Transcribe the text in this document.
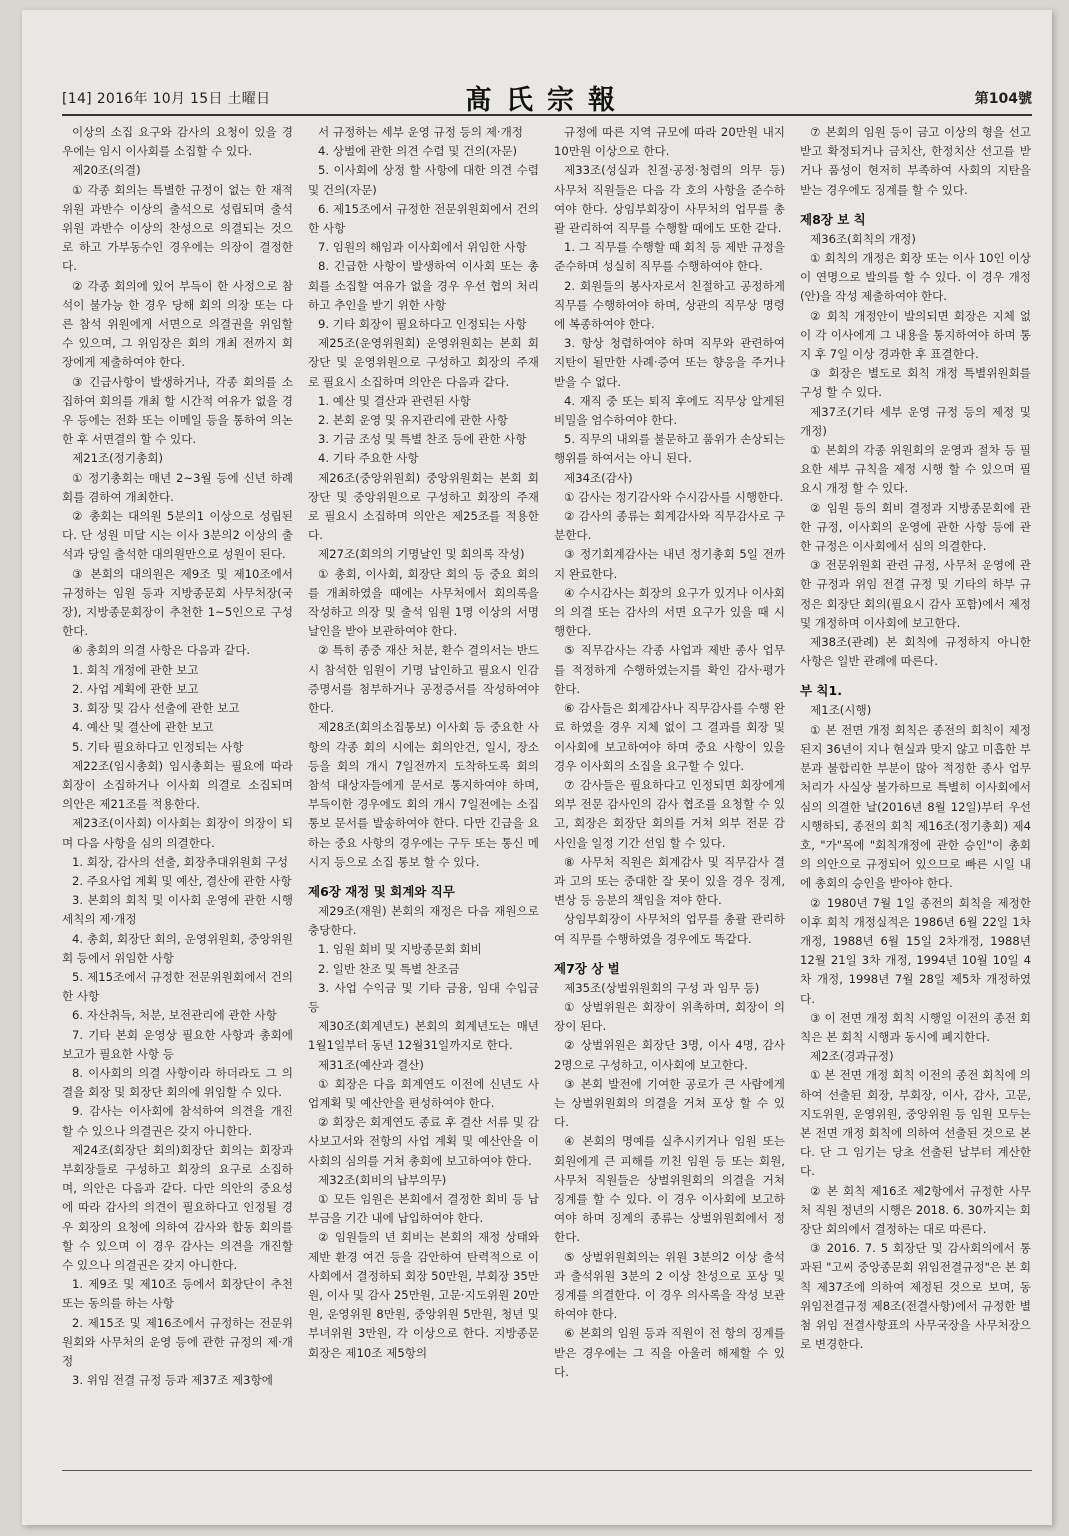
[14] 2016年 10月 15日 土曜日	髙氏宗報	第104號

이상의 소집 요구와 감사의 요청이 있을 경우에는 임시 이사회를 소집할 수 있다.

제20조(의결)

① 각종 회의는 특별한 규정이 없는 한 재적위원 과반수 이상의 출석으로 성립되며 출석위원 과반수 이상의 찬성으로 의결되는 것으로 하고 가부동수인 경우에는 의장이 결정한다.

② 각종 회의에 있어 부득이 한 사정으로 참석이 불가능 한 경우 당해 회의 의장 또는 다른 참석 위원에게 서면으로 의결권을 위임할 수 있으며, 그 위임장은 회의 개최 전까지 회장에게 제출하여야 한다.

③ 긴급사항이 발생하거나, 각종 회의를 소집하여 회의를 개최 할 시간적 여유가 없을 경우 등에는 전화 또는 이메일 등을 통하여 의논한 후 서면결의 할 수 있다.

제21조(정기총회)

① 정기총회는 매년 2~3월 등에 신년 하례회를 겸하여 개최한다.

② 총회는 대의원 5분의1 이상으로 성립된다. 단 성원 미달 시는 이사 3분의2 이상의 출석과 당일 출석한 대의원만으로 성원이 된다.

③ 본회의 대의원은 제9조 및 제10조에서 규정하는 임원 등과 지방종문회 사무처장(국장), 지방종문회장이 추천한 1~5인으로 구성 한다.

④ 총회의 의결 사항은 다음과 같다.

1. 회칙 개정에 관한 보고

2. 사업 계획에 관한 보고

3. 회장 및 감사 선출에 관한 보고

4. 예산 및 결산에 관한 보고

5. 기타 필요하다고 인정되는 사항

제22조(임시총회) 임시총회는 필요에 따라 회장이 소집하거나 이사회 의결로 소집되며 의안은 제21조를 적용한다.

제23조(이사회) 이사회는 회장이 의장이 되며 다음 사항을 심의 의결한다.

1. 회장, 감사의 선출, 회장추대위원회 구성

2. 주요사업 계획 및 예산, 결산에 관한 사항

3. 본회의 회칙 및 이사회 운영에 관한 시행 세칙의 제·개정

4. 총회, 회장단 회의, 운영위원회, 중앙위원회 등에서 위임한 사항

5. 제15조에서 규정한 전문위원회에서 건의한 사항

6. 자산취득, 처분, 보전관리에 관한 사항

7. 기타 본회 운영상 필요한 사항과 총회에 보고가 필요한 사항 등

8. 이사회의 의결 사항이라 하더라도 그 의결을 회장 및 회장단 회의에 위임할 수 있다.

9. 감사는 이사회에 참석하여 의견을 개진 할 수 있으나 의결권은 갖지 아니한다.

제24조(회장단 회의)회장단 회의는 회장과 부회장들로 구성하고 회장의 요구로 소집하며, 의안은 다음과 같다. 다만 의안의 중요성에 따라 감사의 의견이 필요하다고 인정될 경우 회장의 요청에 의하여 감사와 합동 회의를 할 수 있으며 이 경우 감사는 의견을 개진할 수 있으나 의결권은 갖지 아니한다.

1. 제9조 및 제10조 등에서 회장단이 추천 또는 동의를 하는 사항

2. 제15조 및 제16조에서 규정하는 전문위원회와 사무처의 운영 등에 관한 규정의 제·개정

3. 위임 전결 규정 등과 제37조 제3항에

서 규정하는 세부 운영 규정 등의 제·개정

4. 상벌에 관한 의견 수렴 및 건의(자문)

5. 이사회에 상정 할 사항에 대한 의견 수렴 및 건의(자문)

6. 제15조에서 규정한 전문위원회에서 건의한 사항

7. 임원의 해임과 이사회에서 위임한 사항

8. 긴급한 사항이 발생하여 이사회 또는 총회를 소집할 여유가 없을 경우 우선 협의 처리하고 추인을 받기 위한 사항

9. 기타 회장이 필요하다고 인정되는 사항

제25조(운영위원회) 운영위원회는 본회 회장단 및 운영위원으로 구성하고 회장의 주재로 필요시 소집하며 의안은 다음과 같다.

1. 예산 및 결산과 관련된 사항

2. 본회 운영 및 유지관리에 관한 사항

3. 기금 조성 및 특별 찬조 등에 관한 사항

4. 기타 주요한 사항

제26조(중앙위원회) 중앙위원회는 본회 회장단 및 중앙위원으로 구성하고 회장의 주재로 필요시 소집하며 의안은 제25조를 적용한다.

제27조(회의의 기명날인 및 회의록 작성)

① 총회, 이사회, 회장단 회의 등 중요 회의를 개최하였을 때에는 사무처에서 회의록을 작성하고 의장 및 출석 임원 1명 이상의 서명 날인을 받아 보관하여야 한다.

② 특히 종중 재산 처분, 환수 결의서는 반드시 참석한 임원이 기명 날인하고 필요시 인감증명서를 첨부하거나 공정증서를 작성하여야 한다.

제28조(회의소집통보) 이사회 등 중요한 사항의 각종 회의 시에는 회의안건, 일시, 장소 등을 회의 개시 7일전까지 도착하도록 회의 참석 대상자들에게 문서로 통지하여야 하며, 부득이한 경우에도 회의 개시 7일전에는 소집 통보 문서를 발송하여야 한다. 다만 긴급을 요하는 중요 사항의 경우에는 구두 또는 통신 메시지 등으로 소집 통보 할 수 있다.

제6장 재정 및 회계와 직무

제29조(재원) 본회의 재정은 다음 재원으로 충당한다.

1. 임원 회비 및 지방종문회 회비

2. 일반 찬조 및 특별 찬조금

3. 사업 수익금 및 기타 금융, 임대 수입금 등

제30조(회계년도) 본회의 회계년도는 매년 1월1일부터 동년 12월31일까지로 한다.

제31조(예산과 결산)

① 회장은 다음 회계연도 이전에 신년도 사업계획 및 예산안을 편성하여야 한다.

② 회장은 회계연도 종료 후 결산 서류 및 감사보고서와 전항의 사업 계획 및 예산안을 이사회의 심의를 거쳐 총회에 보고하여야 한다.

제32조(회비의 납부의무)

① 모든 임원은 본회에서 결정한 회비 등 납부금을 기간 내에 납입하여야 한다.

② 임원들의 년 회비는 본회의 재정 상태와 제반 환경 여건 등을 감안하여 탄력적으로 이사회에서 결정하되 회장 50만원, 부회장 35만원, 이사 및 감사 25만원, 고문·지도위원 20만원, 운영위원 8만원, 중앙위원 5만원, 청년 및 부녀위원 3만원, 각 이상으로 한다. 지방종문회장은 제10조 제5항의

규정에 따른 지역 규모에 따라 20만원 내지 10만원 이상으로 한다.

제33조(성실과 친절·공정·청렴의 의무 등) 사무처 직원들은 다음 각 호의 사항을 준수하여야 한다. 상임부회장이 사무처의 업무를 총괄 관리하여 직무를 수행할 때에도 또한 같다.

1. 그 직무를 수행할 때 회칙 등 제반 규정을 준수하며 성실히 직무를 수행하여야 한다.

2. 회원들의 봉사자로서 친절하고 공정하게 직무를 수행하여야 하며, 상관의 직무상 명령에 복종하여야 한다.

3. 항상 청렴하여야 하며 직무와 관련하여 지탄이 될만한 사례·증여 또는 향응을 주거나 받을 수 없다.

4. 재직 중 또는 퇴직 후에도 직무상 알게된 비밀을 엄수하여야 한다.

5. 직무의 내외를 불문하고 품위가 손상되는 행위를 하여서는 아니 된다.

제34조(감사)

① 감사는 정기감사와 수시감사를 시행한다.

② 감사의 종류는 회계감사와 직무감사로 구분한다.

③ 정기회계감사는 내년 정기총회 5일 전까지 완료한다.

④ 수시감사는 회장의 요구가 있거나 이사회의 의결 또는 감사의 서면 요구가 있을 때 시행한다.

⑤ 직무감사는 각종 사업과 제반 종사 업무를 적정하게 수행하였는지를 확인 감사·평가한다.

⑥ 감사들은 회계감사나 직무감사를 수행 완료 하였을 경우 지체 없이 그 결과를 회장 및 이사회에 보고하여야 하며 중요 사항이 있을 경우 이사회의 소집을 요구할 수 있다.

⑦ 감사들은 필요하다고 인정되면 회장에게 외부 전문 감사인의 감사 협조를 요청할 수 있고, 회장은 회장단 회의를 거쳐 외부 전문 감사인을 일정 기간 선임 할 수 있다.

⑧ 사무처 직원은 회계감사 및 직무감사 결과 고의 또는 중대한 잘 못이 있을 경우 징계, 변상 등 응분의 책임을 져야 한다.

상임부회장이 사무처의 업무를 총괄 관리하여 직무를 수행하였을 경우에도 똑같다.

제7장 상 벌

제35조(상벌위원회의 구성 과 임무 등)

① 상벌위원은 회장이 위촉하며, 회장이 의장이 된다.

② 상벌위원은 회장단 3명, 이사 4명, 감사 2명으로 구성하고, 이사회에 보고한다.

③ 본회 발전에 기여한 공로가 큰 사람에게는 상벌위원회의 의결을 거쳐 포상 할 수 있다.

④ 본회의 명예를 실추시키거나 임원 또는 회원에게 큰 피해를 끼친 임원 등 또는 회원, 사무처 직원들은 상벌위원회의 의결을 거쳐 징계를 할 수 있다. 이 경우 이사회에 보고하여야 하며 징계의 종류는 상벌위원회에서 정한다.

⑤ 상벌위원회의는 위원 3분의2 이상 출석과 출석위원 3분의 2 이상 찬성으로 포상 및 징계를 의결한다. 이 경우 의사록을 작성 보관하여야 한다.

⑥ 본회의 임원 등과 직원이 전 항의 징계를 받은 경우에는 그 직을 아울러 해제할 수 있다.

⑦ 본회의 임원 등이 금고 이상의 형을 선고 받고 확정되거나 금치산, 한정치산 선고를 받거나 품성이 현저히 부족하여 사회의 지탄을 받는 경우에도 징계를 할 수 있다.

제8장 보 칙

제36조(회칙의 개정)

① 회칙의 개정은 회장 또는 이사 10인 이상이 연명으로 발의를 할 수 있다. 이 경우 개정(안)을 작성 제출하여야 한다.

② 회칙 개정안이 발의되면 회장은 지체 없이 각 이사에게 그 내용을 통지하여야 하며 통지 후 7일 이상 경과한 후 표결한다.

③ 회장은 별도로 회칙 개정 특별위원회를 구성 할 수 있다.

제37조(기타 세부 운영 규정 등의 제정 및 개정)

① 본회의 각종 위원회의 운영과 절차 등 필요한 세부 규칙을 제정 시행 할 수 있으며 필요시 개정 할 수 있다.

② 임원 등의 회비 결정과 지방종문회에 관한 규정, 이사회의 운영에 관한 사항 등에 관한 규정은 이사회에서 심의 의결한다.

③ 전문위원회 관련 규정, 사무처 운영에 관한 규정과 위임 전결 규정 및 기타의 하부 규정은 회장단 회의(필요시 감사 포함)에서 제정 및 개정하며 이사회에 보고한다.

제38조(관례) 본 회칙에 규정하지 아니한 사항은 일반 관례에 따른다.

부 칙1.

제1조(시행)

① 본 전면 개정 회칙은 종전의 회칙이 제정된지 36년이 지나 현실과 맞지 않고 미흡한 부분과 불합리한 부분이 많아 적정한 종사 업무처리가 사실상 불가하므로 특별히 이사회에서 심의 의결한 날(2016년 8월 12일)부터 우선 시행하되, 종전의 회칙 제16조(정기총회) 제4호, "가"목에 "회칙개정에 관한 승인"이 총회의 의안으로 규정되어 있으므로 빠른 시일 내에 총회의 승인을 받아야 한다.

② 1980년 7월 1일 종전의 회칙을 제정한 이후 회칙 개정실적은 1986년 6월 22일 1차개정, 1988년 6월 15일 2차개정, 1988년 12월 21일 3차 개정, 1994년 10월 10일 4차 개정, 1998년 7월 28일 제5차 개정하였다.

③ 이 전면 개정 회칙 시행일 이전의 종전 회칙은 본 회칙 시행과 동시에 폐지한다.

제2조(경과규정)

① 본 전면 개정 회칙 이전의 종전 회칙에 의하여 선출된 회장, 부회장, 이사, 감사, 고문, 지도위원, 운영위원, 중앙위원 등 임원 모두는 본 전면 개정 회칙에 의하여 선출된 것으로 본다. 단 그 임기는 당초 선출된 날부터 계산한다.

② 본 회칙 제16조 제2항에서 규정한 사무처 직원 정년의 시행은 2018. 6. 30까지는 회장단 회의에서 결정하는 대로 따른다.

③ 2016. 7. 5 회장단 및 감사회의에서 통과된 "고씨 중앙종문회 위임전결규정"은 본 회칙 제37조에 의하여 제정된 것으로 보며, 동 위임전결규정 제8조(전결사항)에서 규정한 별첨 위임 전결사항표의 사무국장을 사무처장으로 변경한다.
